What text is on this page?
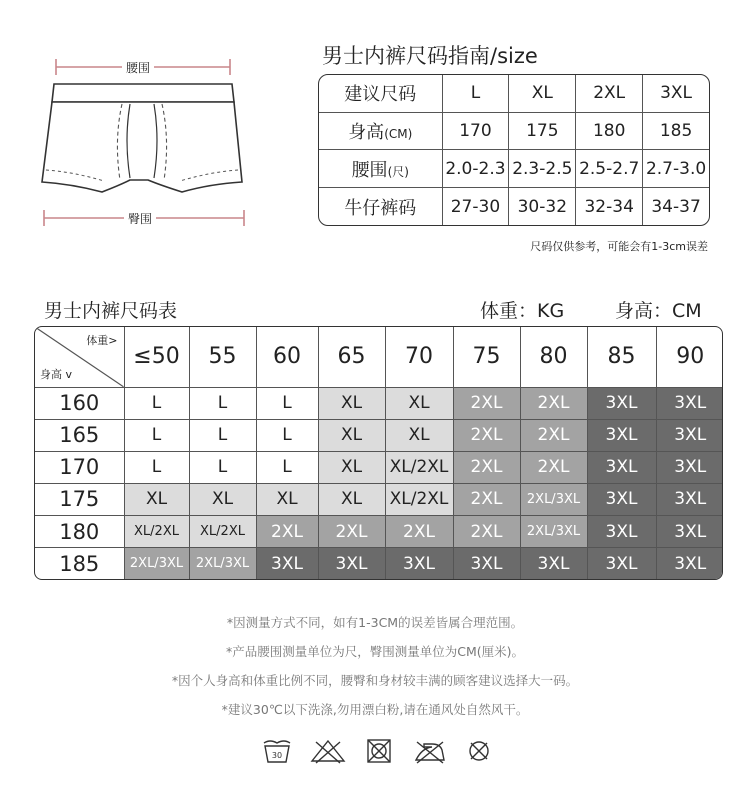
腰围
臀围
男士内裤尺码指南/size
建议尺码	L	XL	2XL	3XL
身高(CM)	170	175	180	185
腰围(尺)	2.0-2.3	2.3-2.5	2.5-2.7	2.7-3.0
牛仔裤码	27-30	30-32	32-34	34-37
尺码仅供参考，可能会有1-3cm误差
男士内裤尺码表	体重：KG	身高：CM
体重>
身高 v	≤50	55	60	65	70	75	80	85	90
160	L	L	L	XL	XL	2XL	2XL	3XL	3XL
165	L	L	L	XL	XL	2XL	2XL	3XL	3XL
170	L	L	L	XL	XL/2XL	2XL	2XL	3XL	3XL
175	XL	XL	XL	XL	XL/2XL	2XL	2XL/3XL	3XL	3XL
180	XL/2XL	XL/2XL	2XL	2XL	2XL	2XL	2XL/3XL	3XL	3XL
185	2XL/3XL	2XL/3XL	3XL	3XL	3XL	3XL	3XL	3XL	3XL

*因测量方式不同，如有1-3CM的误差皆属合理范围。

*产品腰围测量单位为尺，臀围测量单位为CM(厘米)。

*因个人身高和体重比例不同，腰臀和身材较丰满的顾客建议选择大一码。

*建议30℃以下洗涤,勿用漂白粉,请在通风处自然风干。

30
